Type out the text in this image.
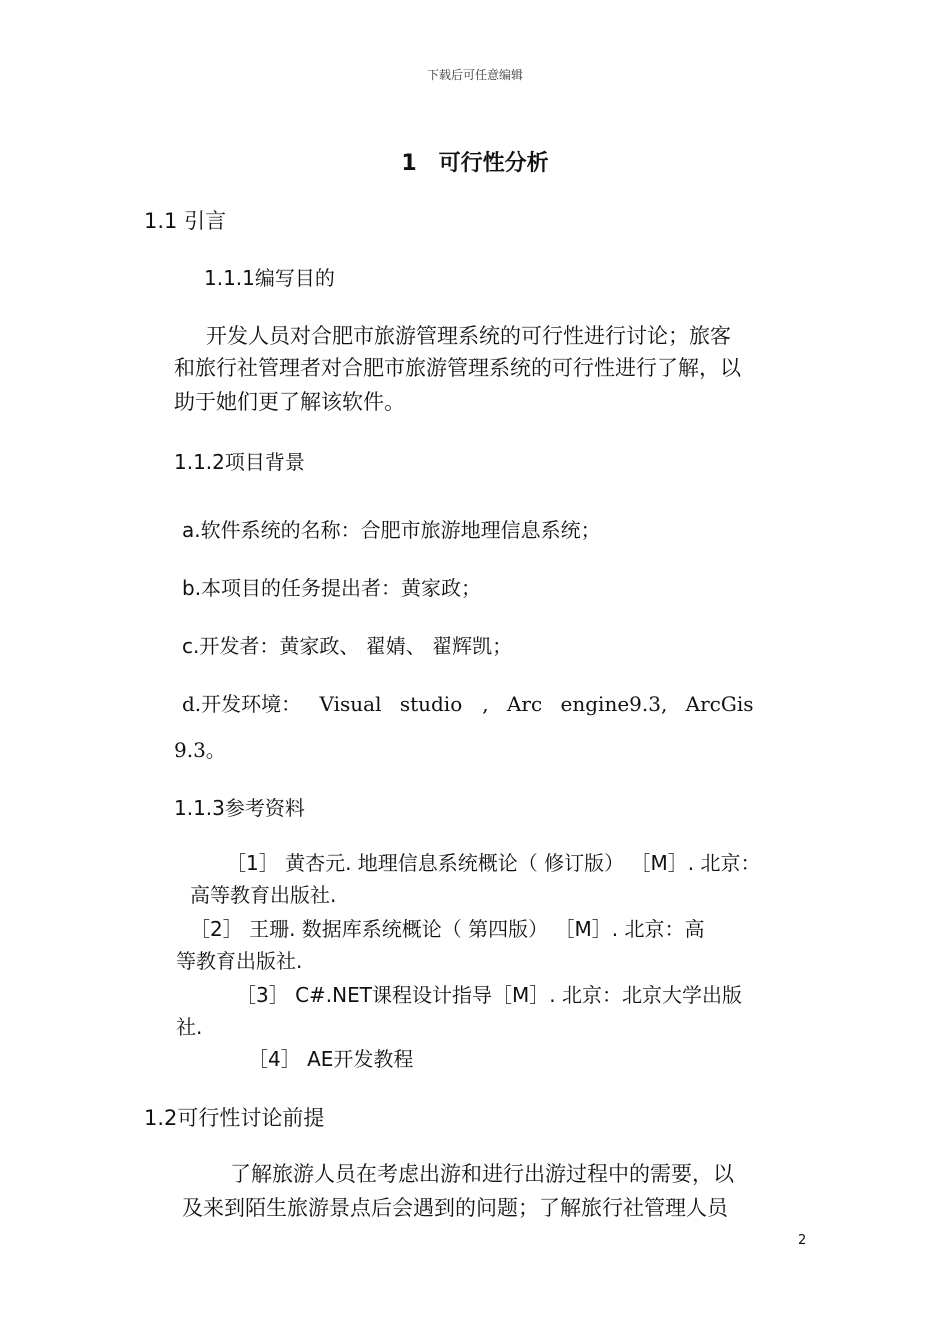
下载后可任意编辑
1　可行性分析
1.1 引言
1.1.1编写目的
开发人员对合肥市旅游管理系统的可行性进行讨论；旅客
和旅行社管理者对合肥市旅游管理系统的可行性进行了解，以
助于她们更了解该软件。
1.1.2项目背景
a.软件系统的名称：合肥市旅游地理信息系统；
b.本项目的任务提出者：黄家政；
c.开发者：黄家政、 翟婧、 翟辉凯；
d.开发环境： Visual studio　, Arc engine9.3, ArcGis
9.3。
1.1.3参考资料
［1］ 黄杏元. 地理信息系统概论（ 修订版） ［M］. 北京：
高等教育出版社.
［2］ 王珊. 数据库系统概论（ 第四版） ［M］. 北京：高
等教育出版社.
［3］ C#.NET课程设计指导［M］. 北京：北京大学出版
社.
［4］ AE开发教程
1.2可行性讨论前提
了解旅游人员在考虑出游和进行出游过程中的需要，以
及来到陌生旅游景点后会遇到的问题；了解旅行社管理人员
2
